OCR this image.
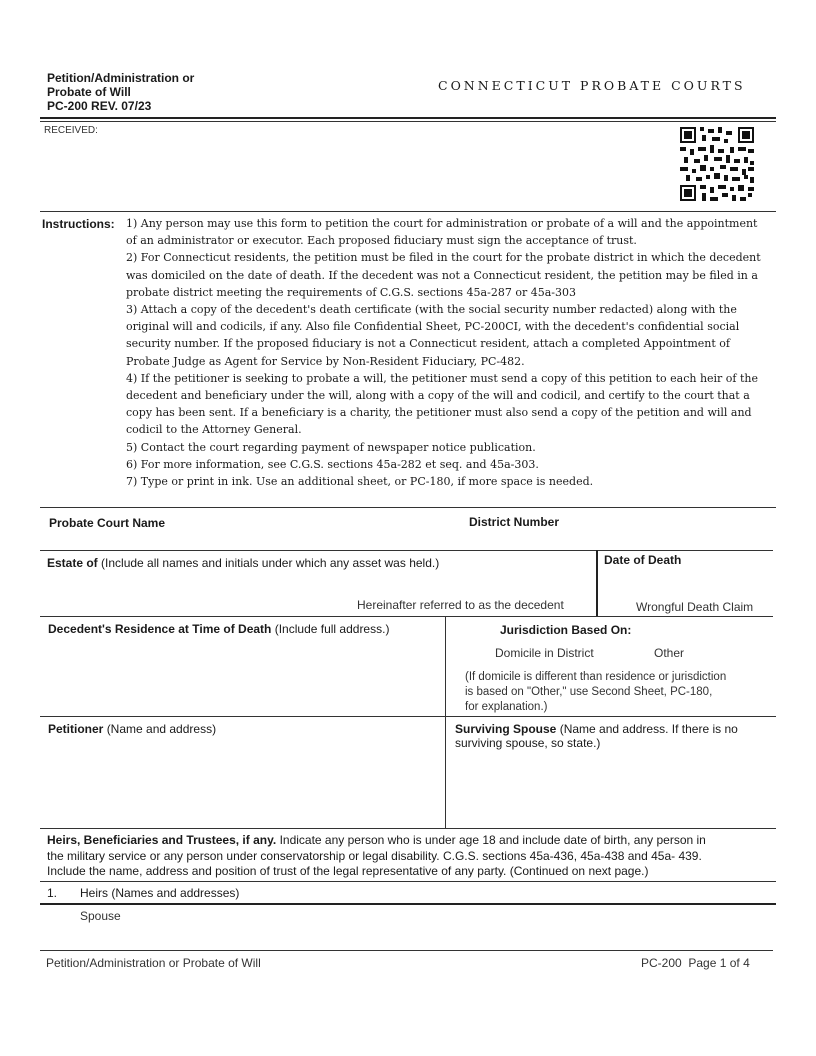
Petition/Administration or
Probate of Will
PC-200 REV. 07/23
CONNECTICUT PROBATE COURTS
RECEIVED:
Instructions: 1) Any person may use this form to petition the court for administration or probate of a will and the appointment
of an administrator or executor. Each proposed fiduciary must sign the acceptance of trust.
2) For Connecticut residents, the petition must be filed in the court for the probate district in which the decedent
was domiciled on the date of death. If the decedent was not a Connecticut resident, the petition may be filed in a
probate district meeting the requirements of C.G.S. sections 45a-287 or 45a-303
3) Attach a copy of the decedent's death certificate (with the social security number redacted) along with the
original will and codicils, if any. Also file Confidential Sheet, PC-200CI, with the decedent's confidential social
security number. If the proposed fiduciary is not a Connecticut resident, attach a completed Appointment of
Probate Judge as Agent for Service by Non-Resident Fiduciary, PC-482.
4) If the petitioner is seeking to probate a will, the petitioner must send a copy of this petition to each heir of the
decedent and beneficiary under the will, along with a copy of the will and codicil, and certify to the court that a
copy has been sent. If a beneficiary is a charity, the petitioner must also send a copy of the petition and will and
codicil to the Attorney General.
5) Contact the court regarding payment of newspaper notice publication.
6) For more information, see C.G.S. sections 45a-282 et seq. and 45a-303.
7) Type or print in ink. Use an additional sheet, or PC-180, if more space is needed.
Probate Court Name	District Number
Estate of (Include all names and initials under which any asset was held.)
Hereinafter referred to as the decedent
Date of Death
Wrongful Death Claim
Decedent's Residence at Time of Death (Include full address.)	Jurisdiction Based On:
Domicile in District	Other
(If domicile is different than residence or jurisdiction
is based on "Other," use Second Sheet, PC-180,
for explanation.)
Petitioner (Name and address)	Surviving Spouse (Name and address. If there is no
surviving spouse, so state.)
Heirs, Beneficiaries and Trustees, if any. Indicate any person who is under age 18 and include date of birth, any person in
the military service or any person under conservatorship or legal disability. C.G.S. sections 45a-436, 45a-438 and 45a- 439.
Include the name, address and position of trust of the legal representative of any party. (Continued on next page.)
1. Heirs (Names and addresses)
Spouse
Petition/Administration or Probate of Will	PC-200  Page 1 of 4
